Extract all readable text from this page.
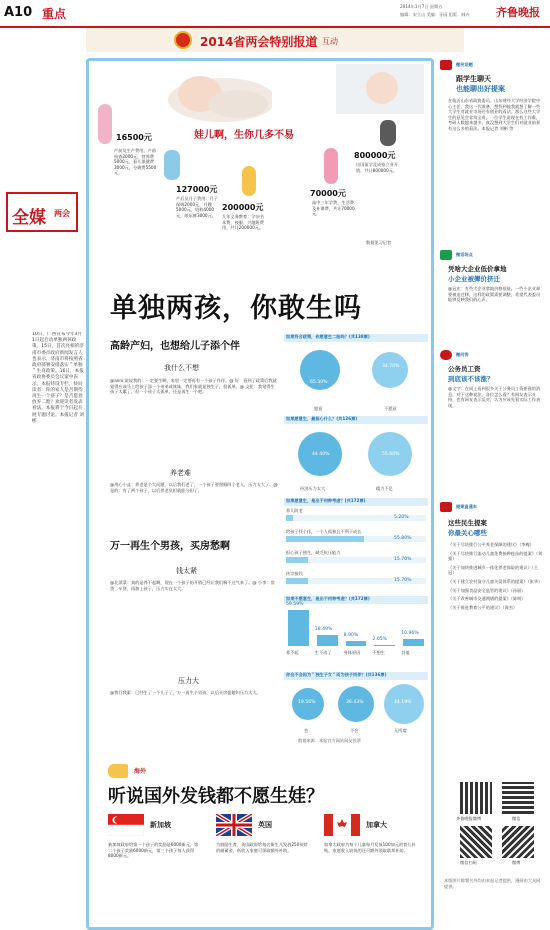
A10 重点
2014年1月7日 星期五
编辑：宋立山 美编：牙园 组版：韩卉 齐鲁晚报
2014省两会特别报道 互动
全媒 两会
10日，广西宣布今年3月1日起启动单独两孩政策。15日，首次亮相的济南市委市政府新闻发言人也表示，济南市将按照省政府部署安排落实＂单独＂生育政策。16日，本报省政协委员会议案中表示，本报特设专栏，快问读者：你的家人是否期待再生一个孩子？是否愿意放弃二胎？欢迎读者发表看法。本报将于今日起开展专题讨论。本报记者 刘彬
娃儿啊，生你几多不易
16500元
127000元
200000元
70000元
800000元
产前及生产费用，产前检查2000元，营养费5000元，看儿保健费3000元，分娩费5500元。
产后及月子费用：月子保姆2000元，月嫂5000元，奶粉4000元，纸尿裤3000元。	九年义务教育：学杂书本费、校服、兴趣班费用，共计200000元。
高中三年学费、生活费及补课费，共计70000元。
出国留学及成家立业开销，共计800000元。
数据见习记者
单独两孩，你敢生吗
高龄产妇，也想给儿子添个伴
我什么不想
@anni:说说我的：一定要生啊，家里一定要再有一个孩子作伴。@ 好：看到了政策后我就觉得应该马上给孩子添一个弟弟或妹妹，我们家就是独生子，很孤单。@ 文化：我觉得生孩子太累了，但一个孩子太孤单，还是再生一个吧。
养老难
@用心小盒：养老是个大问题，以后我们老了，一个孩子要照顾四个老人，压力太大了。@是的：有了两个孩子，以后养老负担就能分担了。
万一再生个男孩，买房愁啊
钱太紧
@北漂菜：真的是养不起啊，现在一个孩子的开销已经让我们喘不过气来了。@ 小李：房贷、车贷，再加上孩子，压力实在太大。
压力大
@我行我素：已经生了一个儿子了，万一再生个男孩，以后买房娶媳妇压力太大。
如果符合政策，你愿意生二胎吗？(共138票)
65.30%
34.70%
愿意	不愿意
如果愿意生，最担心什么？(共126票)
44.40%	55.60%
经济压力太大	精力不足
如果愿意生，是出于何种考虑？(共172票)
养儿防老
5.20%
给孩子找个伴，一个人孤独且不利于成长
55.80%
担心孩子独生，缺乏抗压能力
15.70%
传宗接代
15.70%
如果不愿意生，是出于何种考虑？(共172票)
59.59%
养不起
18.49%
生不动了
8.90%
身体原因
2.05%
不想生
10.96%
其他
你会不会因为＂独生子女＂而为孩子找伴？(共136票)
19.56%	36.43%	44.19%
会	不会	无所谓
数据来源：本报官方网站网友投票
海外
听说国外发钱都不愿生娃？
新加坡
新加坡政府给第一个孩子的奖励是6000新元，第二个孩子奖励6000新元，第三个孩子每人获得8000新元。
英国
为鼓励生育，英国政府给每名新生儿发放250英镑的储蓄金，低收入家庭可领取额外补助。
加拿大
加拿大政府为每个儿童每月发放100加元的育儿补贴，家庭收入较低的还可额外领取联邦补助。
微民话题
跟学生聊天
也能聊出好提案
在临沂山东省政协委员、山东财经大学经济学院中心主任、我这一代准备，想找到他我就想了解一些大学生对就业市场还有创业的看法，那么这些大学生的意见会非常宝贵。一位学生说现在找工作难，考研人数越来越多，真没想到大学生们对就业前景有这么多的看法。本报记者 刘彬 等
微话场点
凭啥大企业低价拿地
小企业被撵价挤迁
@冠宏：有些大企业拿地价格很低，一些小企业却要被迫迁移，这样的政策需要调整，希望代表委员能够反映我们的心声。
微问答
公务员工资
到底该不该涨？
@文字：在网上看到很多关于公务员工资要涨的消息，对于这种说法，各位怎么看？有网友表示支持，也有网友表示反对，认为应该先看实际工作表现。
提案直通车
这些民生提案
你最关心哪些
《关于尽快推行公平养老保障的建议》（李梅）
《关于尽快推行流动儿童免费接种疫苗的提案》（刘强）
《关于加快推进城乡一体化养老保险的建议》（王冠）
《关于建立农村留守儿童关爱体系的提案》（张华）
《关于加强食品安全监管的建议》（孙丽）
《关于改善城市交通拥堵的提案》（陈明）
《关于推进教育公平的建议》（周杰）
齐鲁晚报微博	微信
微信扫码	微博
本版图片除署名外均由本报记者提供，漫画由大众网提供。
